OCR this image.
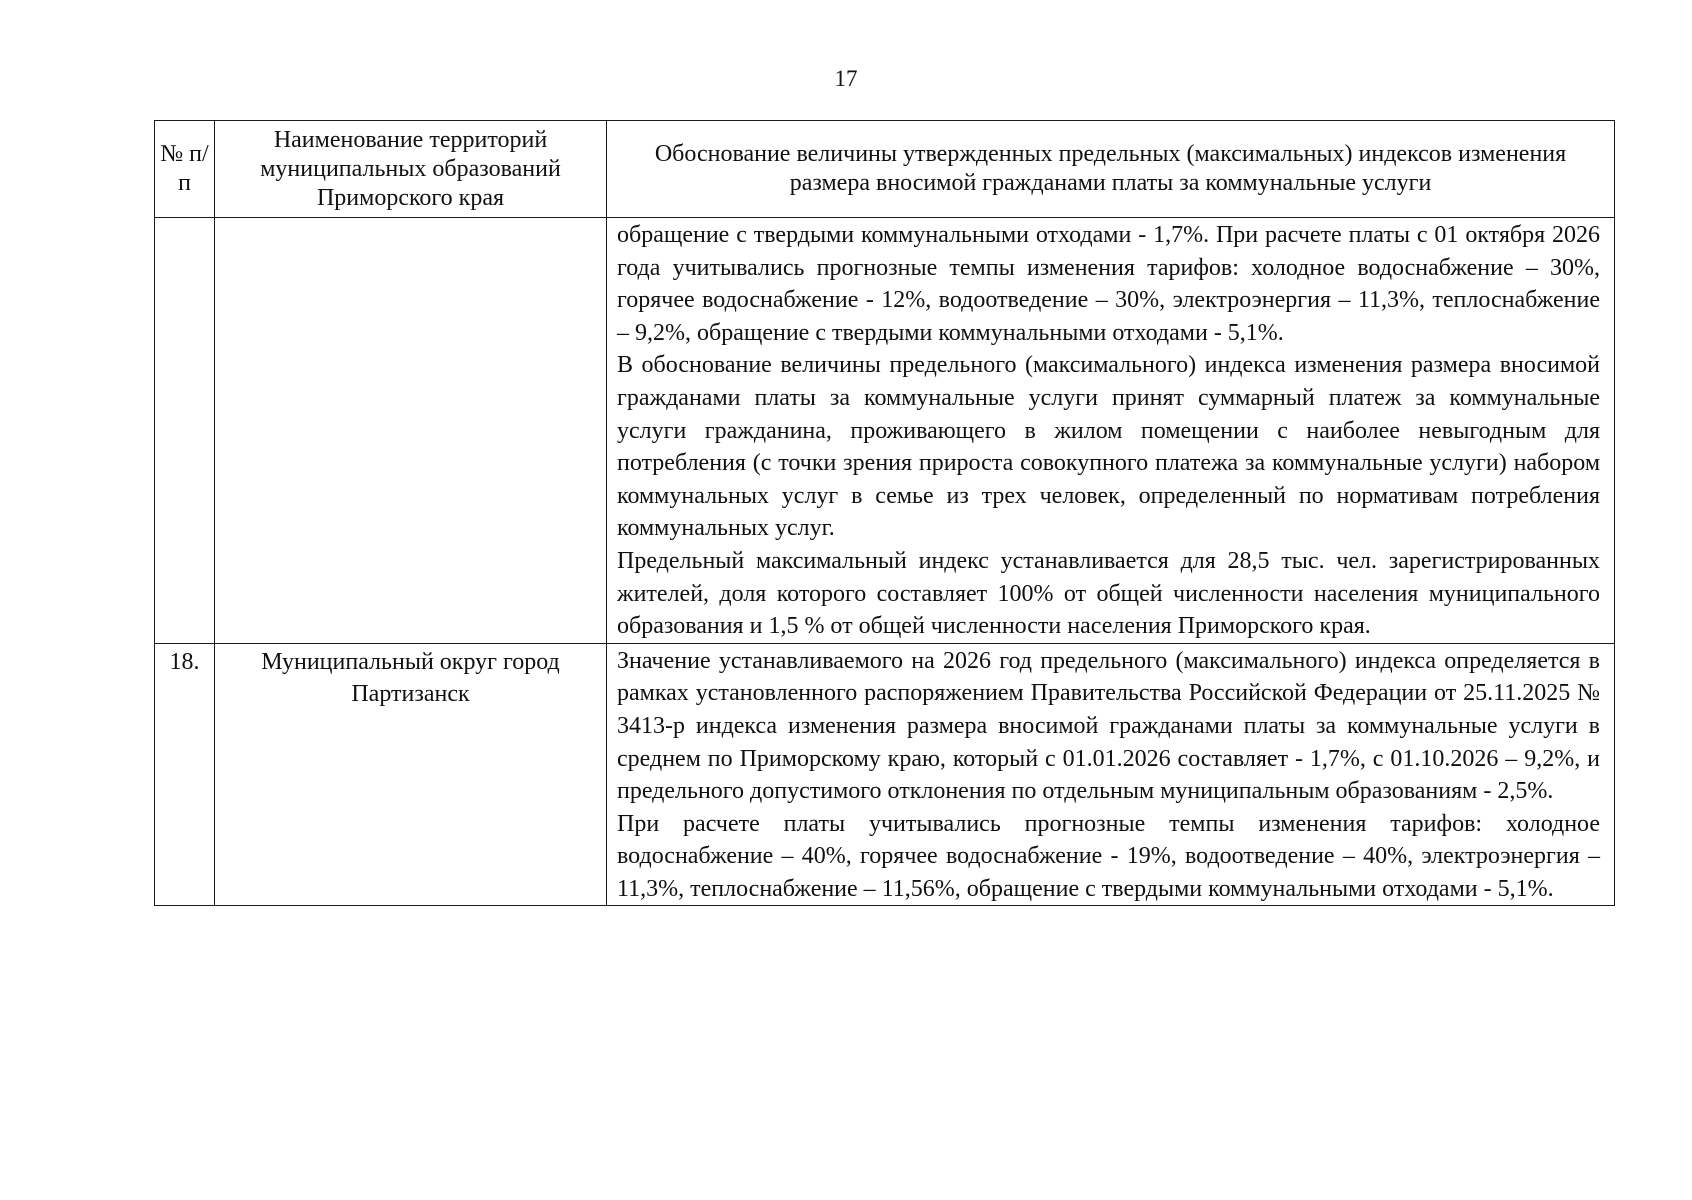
17
№ п/п	Наименование территорий муниципальных образований Приморского края	Обоснование величины утвержденных предельных (максимальных) индексов изменения размера вносимой гражданами платы за коммунальные услуги

		обращение с твердыми коммунальными отходами - 1,7%. При расчете платы с 01 октября 2026 года учитывались прогнозные темпы изменения тарифов: холодное водоснабжение – 30%, горячее водоснабжение - 12%, водоотведение – 30%, электроэнергия – 11,3%, теплоснабжение – 9,2%, обращение с твердыми коммунальными отходами - 5,1%.

В обоснование величины предельного (максимального) индекса изменения размера вносимой гражданами платы за коммунальные услуги принят суммарный платеж за коммунальные услуги гражданина, проживающего в жилом помещении с наиболее невыгодным для потребления (с точки зрения прироста совокупного платежа за коммунальные услуги) набором коммунальных услуг в семье из трех человек, определенный по нормативам потребления коммунальных услуг.

Предельный максимальный индекс устанавливается для 28,5 тыс. чел. зарегистрированных жителей, доля которого составляет 100% от общей численности населения муниципального образования и 1,5 % от общей численности населения Приморского края.

18.	Муниципальный округ город Партизанск	Значение устанавливаемого на 2026 год предельного (максимального) индекса определяется в рамках установленного распоряжением Правительства Российской Федерации от 25.11.2025 № 3413-р индекса изменения размера вносимой гражданами платы за коммунальные услуги в среднем по Приморскому краю, который с 01.01.2026 составляет - 1,7%, с 01.10.2026 – 9,2%, и предельного допустимого отклонения по отдельным муниципальным образованиям - 2,5%.

При расчете платы учитывались прогнозные темпы изменения тарифов: холодное водоснабжение – 40%, горячее водоснабжение - 19%, водоотведение – 40%, электроэнергия – 11,3%, теплоснабжение – 11,56%, обращение с твердыми коммунальными отходами - 5,1%.
